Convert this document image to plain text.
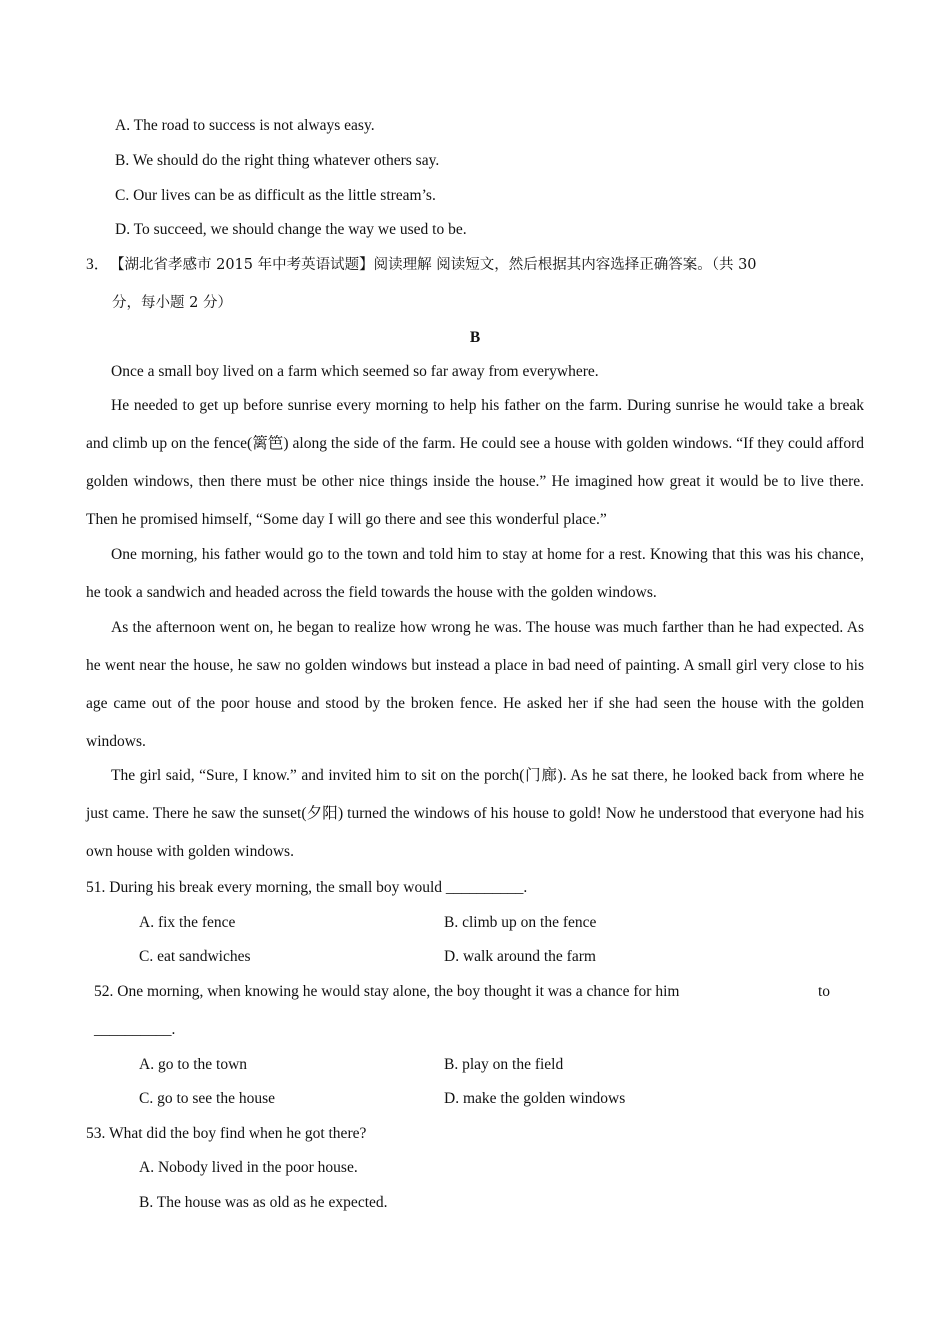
A. The road to success is not always easy.
B. We should do the right thing whatever others say.
C. Our lives can be as difficult as the little stream’s.
D. To succeed, we should change the way we used to be.
3． 【湖北省孝感市 2015 年中考英语试题】阅读理解 阅读短文，然后根据其内容选择正确答案。（共 30
分，每小题 2 分）
B
Once a small boy lived on a farm which seemed so far away from everywhere.
He needed to get up before sunrise every morning to help his father on the farm. During sunrise he would take a break and climb up on the fence(篱笆) along the side of the farm. He could see a house with golden windows. “If they could afford golden windows, then there must be other nice things inside the house.” He imagined how great it would be to live there. Then he promised himself, “Some day I will go there and see this wonderful place.”
One morning, his father would go to the town and told him to stay at home for a rest. Knowing that this was his chance, he took a sandwich and headed across the field towards the house with the golden windows.
As the afternoon went on, he began to realize how wrong he was. The house was much farther than he had expected. As he went near the house, he saw no golden windows but instead a place in bad need of painting. A small girl very close to his age came out of the poor house and stood by the broken fence. He asked her if she had seen the house with the golden windows.
The girl said, “Sure, I know.” and invited him to sit on the porch(门廊). As he sat there, he looked back from where he just came. There he saw the sunset(夕阳) turned the windows of his house to gold! Now he understood that everyone had his own house with golden windows.
51. During his break every morning, the small boy would __________.
A. fix the fence	B. climb up on the fence
C. eat sandwiches	D. walk around the farm
52. One morning, when knowing he would stay alone, the boy thought it was a chance for him	to
__________.
A. go to the town	B. play on the field
C. go to see the house	D. make the golden windows
53. What did the boy find when he got there?
A. Nobody lived in the poor house.
B. The house was as old as he expected.
